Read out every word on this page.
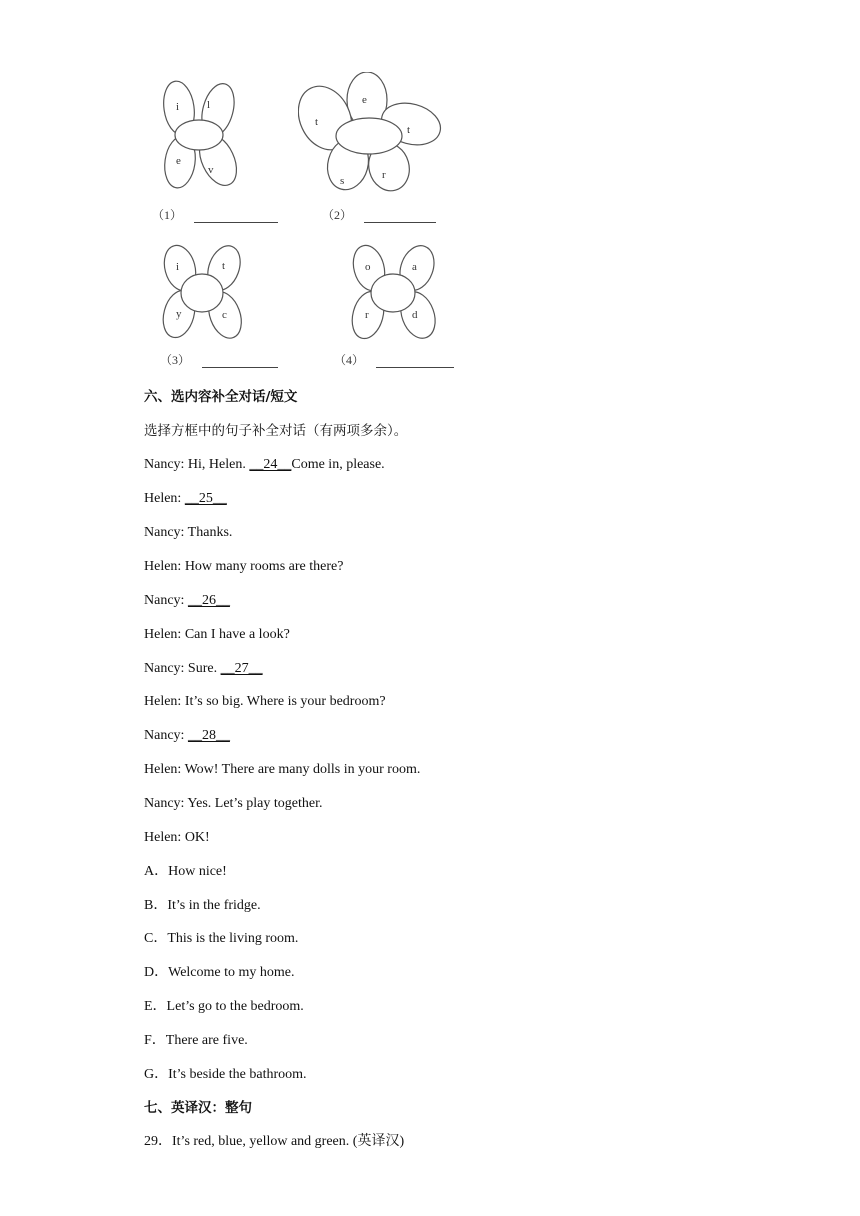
i	l
e
v
（1）
e
t
t
s	r
（2）
i	t
y	c
（3）
o	a
r	d
（4）
六、选内容补全对话/短文
选择方框中的句子补全对话（有两项多余）。
Nancy: Hi, Helen. __24__Come in, please.
Helen: __25__
Nancy: Thanks.
Helen: How many rooms are there?
Nancy: __26__
Helen: Can I have a look?
Nancy: Sure. __27__
Helen: It’s so big. Where is your bedroom?
Nancy: __28__
Helen: Wow! There are many dolls in your room.
Nancy: Yes. Let’s play together.
Helen: OK!
A．How nice!
B．It’s in the fridge.
C．This is the living room.
D．Welcome to my home.
E．Let’s go to the bedroom.
F．There are five.
G．It’s beside the bathroom.
七、英译汉：整句
29．It’s red, blue, yellow and green. (英译汉)
